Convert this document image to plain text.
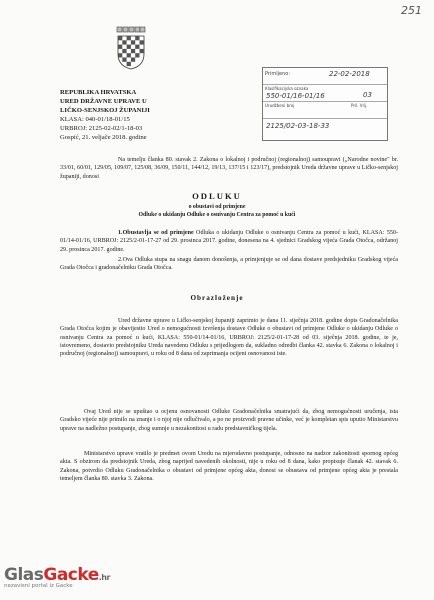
251
Primljeno:	22-02-2018
Klasifikacijska oznaka
550-01/16-01/16	03
Urudžbeni broj	Pril. Vrij.
2125/02-03-18-33
REPUBLIKA HRVATSKA
URED DRŽAVNE UPRAVE U
LIČKO-SENJSKOJ ŽUPANIJI
KLASA: 040-01/18-01/15
URBROJ: 2125-02-02/1-18-03
Gospić, 21. veljače 2018. godine
Na temelju članka 80. stavak 2. Zakona o lokalnoj i područnoj (regionalnoj) samoupravi („Narodne novine" br. 33/01, 60/01, 129/05, 109/07, 125/08, 36/09, 150/11, 144/12, 19/13, 137/15 i 123/17), predstojnik Ureda državne uprave u Ličko-senjskoj županiji, donosi
ODLUKU
o obustavi od primjene
Odluke o ukidanju Odluke o osnivanju Centra za pomoć u kući
1.Obustavlja se od primjene Odluka o ukidanju Odluke o osnivanju Centra za pomoć u kući, KLASA: 550-01/14-01/16, URBROJ: 2125/2-01-17-27 od 29. prosinca 2017. godine, donesena na 4. sjednici Gradskog vijeća Grada Otočca, održanoj 29. prosinca 2017. godine.
2.Ova Odluka stupa na snagu danom donošenja, a primjenjuje se od dana dostave predsjedniku Gradskog vijeća Grada Otočca i gradonačelniku Grada Otočca.
Obrazloženje
Ured državne uprave u Ličko-senjskoj županiji zaprimio je dana 11. siječnja 2018. godine dopis Gradonačelnika Grada Otočca kojim je obavijestio Ured o nemogućnosti izvršenja dostave Odluke o obustavi od primjene Odluke o ukidanju Odluke o osnivanju Centra za pomoć u kući, KLASA: 550-01/14-01/16, URBROJ: 2125/2-01-17-28 od 03. siječnja 2018. godine, te je, istovremeno, dostavio predstojniku Ureda navedenu Odluku s prijedlogom da, sukladno odredbi članka 42. stavka 6. Zakona o lokalnoj i područnoj (regionalnoj) samoupravi, u roku od 8 dana od zaprimanja ocijeni osnovanost iste.
Ovaj Ured nije se upuštao u ocjenu osnovanosti Odluke Gradonačelnika smatrajući da, zbog nemogućnosti uručenja, ista Gradsko vijeće nije primilo na znanje i o njoj nije odlučivalo, a po ne proizvodi pravne učinke, već je kompletan spis uputio Ministarstvu uprave na nadležno postupanje, zbog sumnje u nezakonitost u radu predstavničkog tijela.
Ministarstvo uprave vratilo je predmet ovom Uredu na mjerodavno postupanje, odnosno na nadzor zakonitosti spornog općeg akta. S obzirom da predstojnik Ureda, zbog naprijed navedenih okolnosti, nije u roku od 8 dana, kako propisuje članak 42. stavak 6. Zakona, potvrdio Odluku Gradonačelnika o obustavi od primjene općeg akta, donosi se obustava od primjene općeg akta je prestala temeljem članka 80. stavka 3. Zakona.
GlasGacke.hr
nezavisni portal iz Gacke
